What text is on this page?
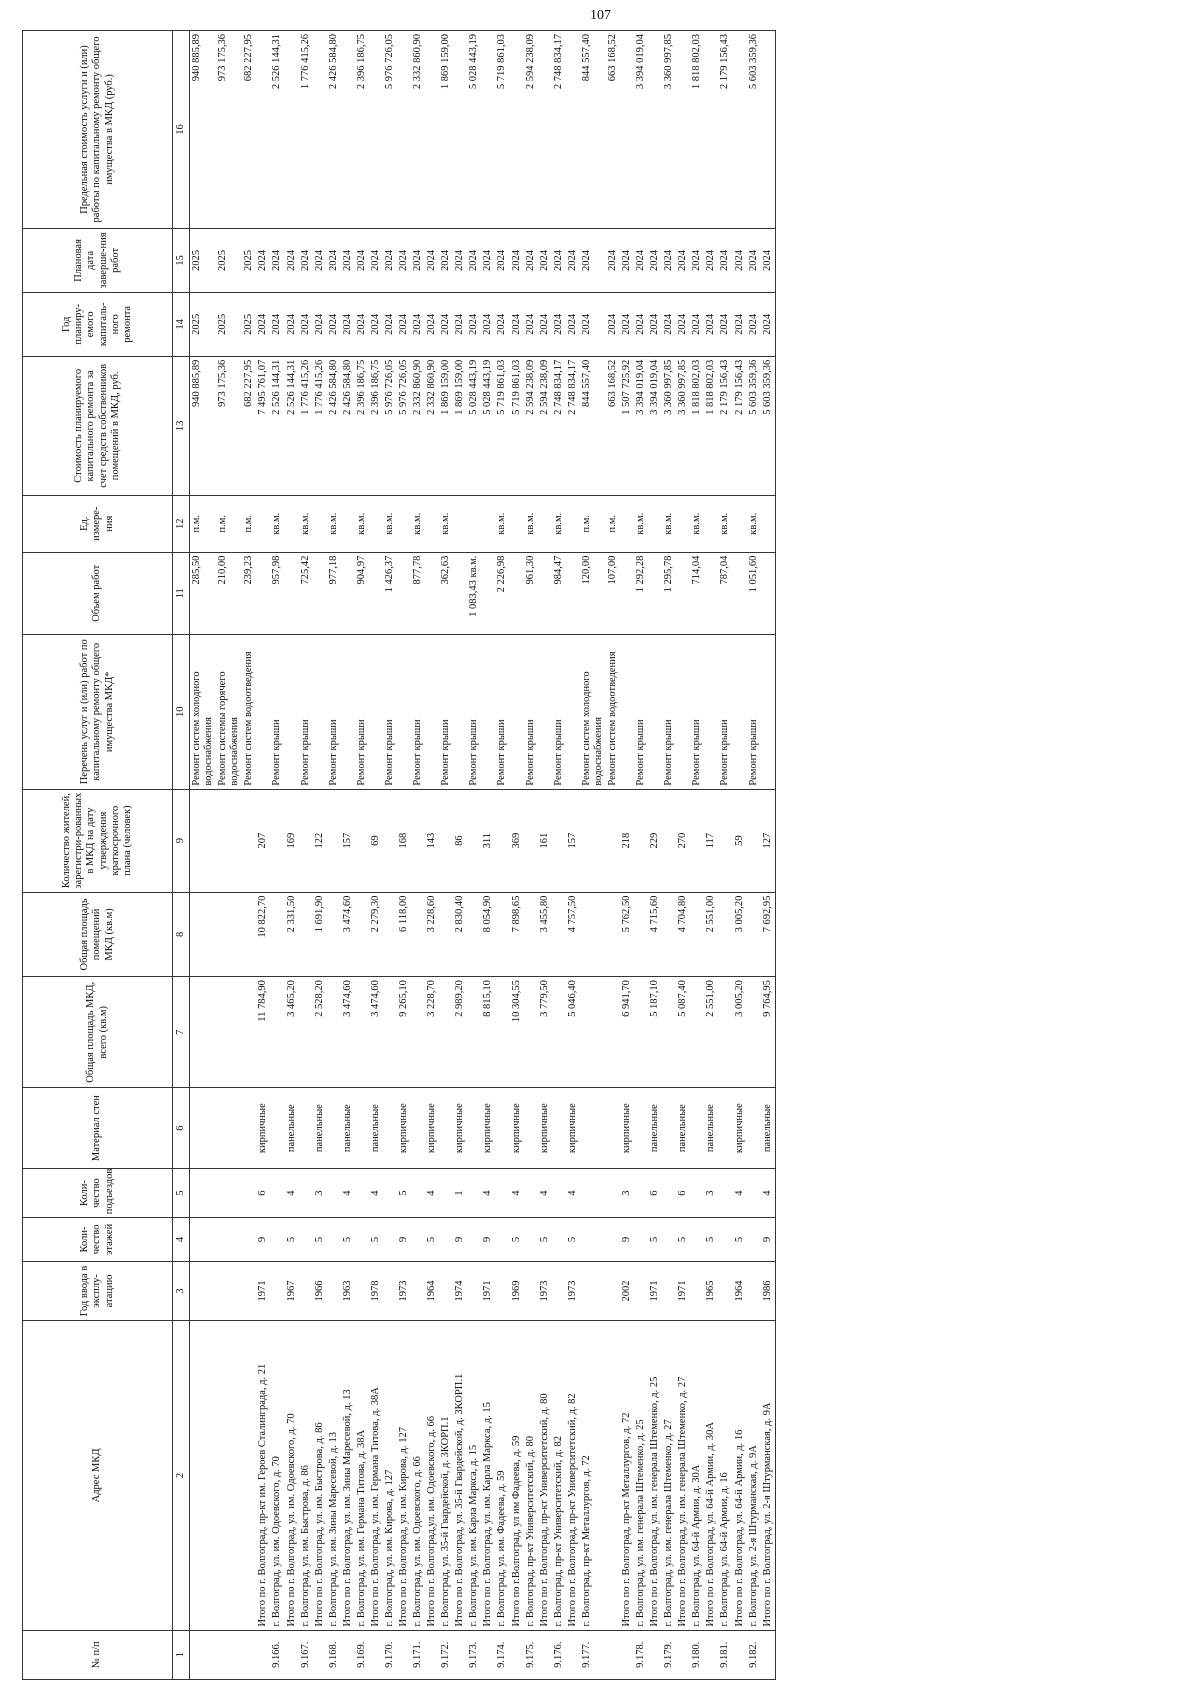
107
№ п/п	Адрес МКД	Год ввода в эксплу-атацию	Коли-чество этажей	Коли-чество подъездов	Материал стен	Общая площадь МКД, всего (кв.м)	Общая площадь помещений МКД (кв.м)	Количество жителей, зарегистри-рованных в МКД на дату утверждения краткосрочного плана (человек)	Перечень услуг и (или) работ по капитальному ремонту общего имущества МКД*	Объем работ	Ед. измере-ния	Стоимость планируемого капитального ремонта за счет средств собственников помещений в МКД, руб.	Год планиру-емого капиталь-ного ремонта	Плановая дата заверше-ния работ	Предельная стоимость услуги и (или) работы по капитальному ремонту общего имущества в МКД (руб.)
1	2	3	4	5	6	7	8	9	10	11	12	13	14	15	16
									Ремонт систем холодного водоснабжения	285,50	п.м.	940 885,89	2025	2025	940 885,89
									Ремонт системы горячего водоснабжения	210,00	п.м.	973 175,36	2025	2025	973 175,36
									Ремонт систем водоотведения	239,23	п.м.	682 227,95	2025	2025	682 227,95
	Итого по г. Волгоград, пр-кт им. Героев Сталинграда, д. 21	1971	9	6	кирпичные	11 784,90	10 822,70	207				7 495 761,07	2024	2024	
9.166.	г. Волгоград, ул. им. Одоевского, д. 70								Ремонт крыши	957,98	кв.м.	2 526 144,31	2024	2024	2 526 144,31
	Итого по г. Волгоград, ул. им. Одоевского, д. 70	1967	5	4	панельные	3 465,20	2 331,50	169				2 526 144,31	2024	2024	
9.167.	г. Волгоград, ул. им. Быстрова, д. 86								Ремонт крыши	725,42	кв.м.	1 776 415,26	2024	2024	1 776 415,26
	Итого по г. Волгоград, ул. им. Быстрова, д. 86	1966	5	3	панельные	2 528,20	1 691,90	122				1 776 415,26	2024	2024	
9.168.	г. Волгоград, ул. им. Зины Маресевой, д. 13								Ремонт крыши	977,18	кв.м.	2 426 584,80	2024	2024	2 426 584,80
	Итого по г. Волгоград, ул. им. Зины Маресевой, д. 13	1963	5	4	панельные	3 474,60	3 474,60	157				2 426 584,80	2024	2024	
9.169.	г. Волгоград, ул. им. Германа Титова, д. 38А								Ремонт крыши	904,97	кв.м.	2 396 186,75	2024	2024	2 396 186,75
	Итого по г. Волгоград, ул. им. Германа Титова, д. 38А	1978	5	4	панельные	3 474,60	2 279,30	69				2 396 186,75	2024	2024	
9.170.	г. Волгоград, ул. им. Кирова, д. 127								Ремонт крыши	1 426,37	кв.м.	5 976 726,05	2024	2024	5 976 726,05
	Итого по г. Волгоград, ул. им. Кирова, д. 127	1973	9	5	кирпичные	9 265,10	6 118,00	168				5 976 726,05	2024	2024	
9.171.	г. Волгоград, ул. им. Одоевского, д. 66								Ремонт крыши	877,78	кв.м.	2 332 860,90	2024	2024	2 332 860,90
	Итого по г. Волгоград,ул. им. Одоевского, д. 66	1964	5	4	кирпичные	3 228,70	3 228,60	143				2 332 860,90	2024	2024	
9.172.	г. Волгоград, ул. 35-й Гвардейской, д. 3КОРП.1								Ремонт крыши	362,63	кв.м.	1 869 159,00	2024	2024	1 869 159,00
	Итого по г. Волгоград, ул. 35-й Гвардейской, д. 3КОРП.1	1974	9	1	кирпичные	2 989,20	2 830,40	86				1 869 159,00	2024	2024	
9.173.	г. Волгоград, ул. им. Карла Маркса, д. 15								Ремонт крыши	1 083,43 кв.м.		5 028 443,19	2024	2024	5 028 443,19
	Итого по г. Волгоград, ул. им. Карла Маркса, д. 15	1971	9	4	кирпичные	8 815,10	8 054,90	311				5 028 443,19	2024	2024	
9.174.	г. Волгоград, ул. им. Фадеева, д. 59								Ремонт крыши	2 226,98	кв.м.	5 719 861,03	2024	2024	5 719 861,03
	Итого по г.Волгоград, ул им Фадеева, д. 59	1969	5	4	кирпичные	10 304,55	7 898,65	369				5 719 861,03	2024	2024	
9.175.	г. Волгоград, пр-кт Университетский, д. 80								Ремонт крыши	961,30	кв.м.	2 594 238,09	2024	2024	2 594 238,09
	Итого по г. Волгоград, пр-кт Университетский, д. 80	1973	5	4	кирпичные	3 779,50	3 455,80	161				2 594 238,09	2024	2024	
9.176.	г. Волгоград, пр-кт Университетский, д. 82								Ремонт крыши	984,47	кв.м.	2 748 834,17	2024	2024	2 748 834,17
	Итого по г. Волгоград, пр-кт Университетский, д. 82	1973	5	4	кирпичные	5 046,40	4 757,50	157				2 748 834,17	2024	2024	
9.177.	г. Волгоград, пр-кт Металлургов, д. 72								Ремонт систем холодного водоснабжения	120,00	п.м.	844 557,40	2024	2024	844 557,40
									Ремонт систем водоотведения	107,00	п.м.	663 168,52	2024	2024	663 168,52
	Итого по г. Волгоград, пр-кт Металлургов, д. 72	2002	9	3	кирпичные	6 941,70	5 762,50	218				1 507 725,92	2024	2024	
9.178.	г. Волгоград, ул. им. генерала Штеменко, д. 25								Ремонт крыши	1 292,28	кв.м.	3 394 019,04	2024	2024	3 394 019,04
	Итого по г. Волгоград, ул. им. генерала Штеменко, д. 25	1971	5	6	панельные	5 187,10	4 715,60	229				3 394 019,04	2024	2024	
9.179.	г. Волгоград, ул. им. генерала Штеменко, д. 27								Ремонт крыши	1 295,78	кв.м.	3 360 997,85	2024	2024	3 360 997,85
	Итого по г. Волгоград, ул. им. генерала Штеменко, д. 27	1971	5	6	панельные	5 087,40	4 704,80	270				3 360 997,85	2024	2024	
9.180.	г. Волгоград, ул. 64-й Армии, д. 30А								Ремонт крыши	714,04	кв.м.	1 818 802,03	2024	2024	1 818 802,03
	Итого по г. Волгоград, ул. 64-й Армии, д. 30А	1965	5	3	панельные	2 551,00	2 551,00	117				1 818 802,03	2024	2024	
9.181.	г. Волгоград, ул. 64-й Армии, д. 16								Ремонт крыши	787,04	кв.м.	2 179 156,43	2024	2024	2 179 156,43
	Итого по г. Волгоград, ул. 64-й Армии, д. 16	1964	5	4	кирпичные	3 005,20	3 005,20	59				2 179 156,43	2024	2024	
9.182.	г. Волгоград, ул. 2-я Штурманская, д. 9А								Ремонт крыши	1 051,60	кв.м.	5 603 359,36	2024	2024	5 603 359,36
	Итого по г. Волгоград, ул. 2-я Штурманская, д. 9А	1986	9	4	панельные	9 764,95	7 692,95	127				5 603 359,36	2024	2024	
